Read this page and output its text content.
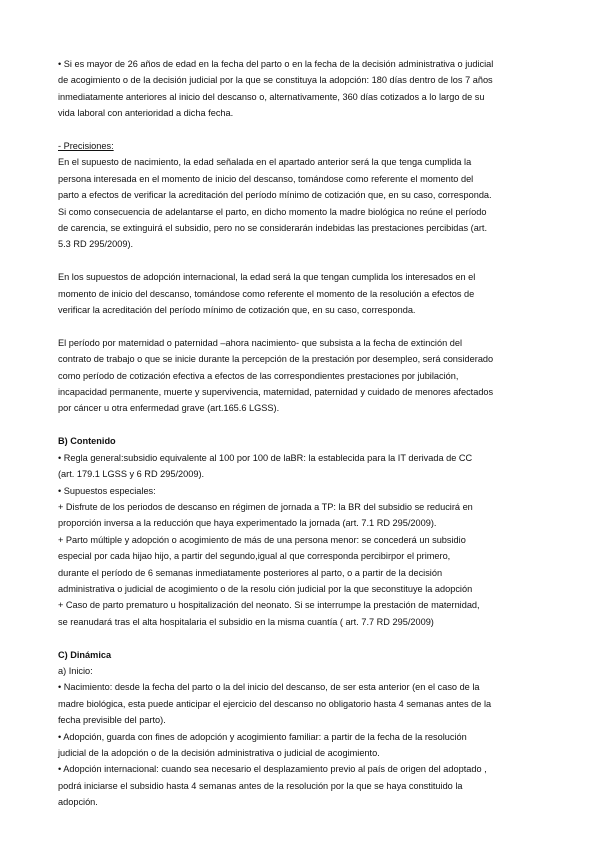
• Si es mayor de 26 años de edad en la fecha del parto o en la fecha de la decisión administrativa o judicial

de acogimiento o de la decisión judicial por la que se constituya la adopción: 180 días dentro de los 7 años

inmediatamente anteriores al inicio del descanso o, alternativamente, 360 días cotizados a lo largo de su

vida laboral con anterioridad a dicha fecha.

- Precisiones:

En el supuesto de nacimiento, la edad señalada en el apartado anterior será la que tenga cumplida la

persona interesada en el momento de inicio del descanso, tomándose como referente el momento del

parto a efectos de verificar la acreditación del período mínimo de cotización que, en su caso, corresponda.

Si como consecuencia de adelantarse el parto, en dicho momento la madre biológica no reúne el período

de carencia, se extinguirá el subsidio, pero no se considerarán indebidas las prestaciones percibidas (art.

5.3 RD 295/2009).

En los supuestos de adopción internacional, la edad será la que tengan cumplida los interesados en el

momento de inicio del descanso, tomándose como referente el momento de la resolución a efectos de

verificar la acreditación del período mínimo de cotización que, en su caso, corresponda.

El período por maternidad o paternidad –ahora nacimiento- que subsista a la fecha de extinción del

contrato de trabajo o que se inicie durante la percepción de la prestación por desempleo, será considerado

como período de cotización efectiva a efectos de las correspondientes prestaciones por jubilación,

incapacidad permanente, muerte y supervivencia, maternidad, paternidad y cuidado de menores afectados

por cáncer u otra enfermedad grave (art.165.6 LGSS).

B) Contenido

• Regla general:subsidio equivalente al 100 por 100 de laBR: la establecida para la IT derivada de CC

(art. 179.1 LGSS y 6 RD 295/2009).

• Supuestos especiales:

+ Disfrute de los periodos de descanso en régimen de jornada a TP: la BR del subsidio se reducirá en

proporción inversa a la reducción que haya experimentado la jornada (art. 7.1 RD 295/2009).

+ Parto múltiple y adopción o acogimiento de más de una persona menor: se concederá un subsidio

especial por cada hijao hijo, a partir del segundo,igual al que corresponda percibirpor el primero,

durante el período de 6 semanas inmediatamente posteriores al parto, o a partir de la decisión

administrativa o judicial de acogimiento o de la resolu ción judicial por la que seconstituye la adopción

+ Caso de parto prematuro u hospitalización del neonato. Si se interrumpe la prestación de maternidad,

se reanudará tras el alta hospitalaria el subsidio en la misma cuantía ( art. 7.7 RD 295/2009)

C) Dinámica

a) Inicio:

• Nacimiento: desde la fecha del parto o la del inicio del descanso, de ser esta anterior (en el caso de la

madre biológica, esta puede anticipar el ejercicio del descanso no obligatorio hasta 4 semanas antes de la

fecha previsible del parto).

• Adopción, guarda con fines de adopción y acogimiento familiar: a partir de la fecha de la resolución

judicial de la adopción o de la decisión administrativa o judicial de acogimiento.

• Adopción internacional: cuando sea necesario el desplazamiento previo al país de origen del adoptado ,

podrá iniciarse el subsidio hasta 4 semanas antes de la resolución por la que se haya constituido la

adopción.
